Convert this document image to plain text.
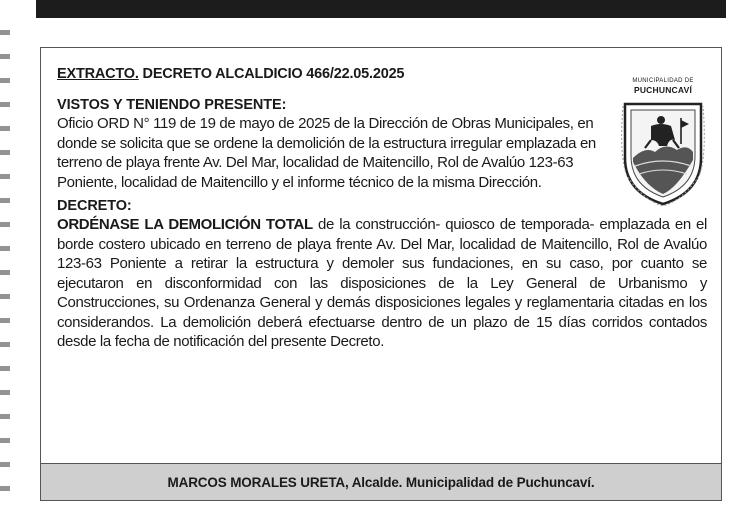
EXTRACTO. DECRETO ALCALDICIO 466/22.05.2025
VISTOS Y TENIENDO PRESENTE:

Oficio ORD N° 119 de 19 de mayo de 2025 de la Dirección de Obras Municipales, en donde se solicita que se ordene la demolición de la estructura irregular emplazada en terreno de playa frente Av. Del Mar, localidad de Maitencillo, Rol de Avalúo 123-63 Poniente, localidad de Maitencillo y el informe técnico de la misma Dirección.

DECRETO:

ORDÉNASE LA DEMOLICIÓN TOTAL de la construcción- quiosco de temporada- emplazada en el borde costero ubicado en terreno de playa frente Av. Del Mar, localidad de Maitencillo, Rol de Avalúo 123-63 Poniente a retirar la estructura y demoler sus fundaciones, en su caso, por cuanto se ejecutaron en disconformidad con las disposiciones de la Ley General de Urbanismo y Construcciones, su Ordenanza General y demás disposiciones legales y reglamentaria citadas en los considerandos. La demolición deberá efectuarse dentro de un plazo de 15 días corridos contados desde la fecha de notificación del presente Decreto.

MUNICIPALIDAD DE
PUCHUNCAVÍ
MARCOS MORALES URETA, Alcalde. Municipalidad de Puchuncaví.
